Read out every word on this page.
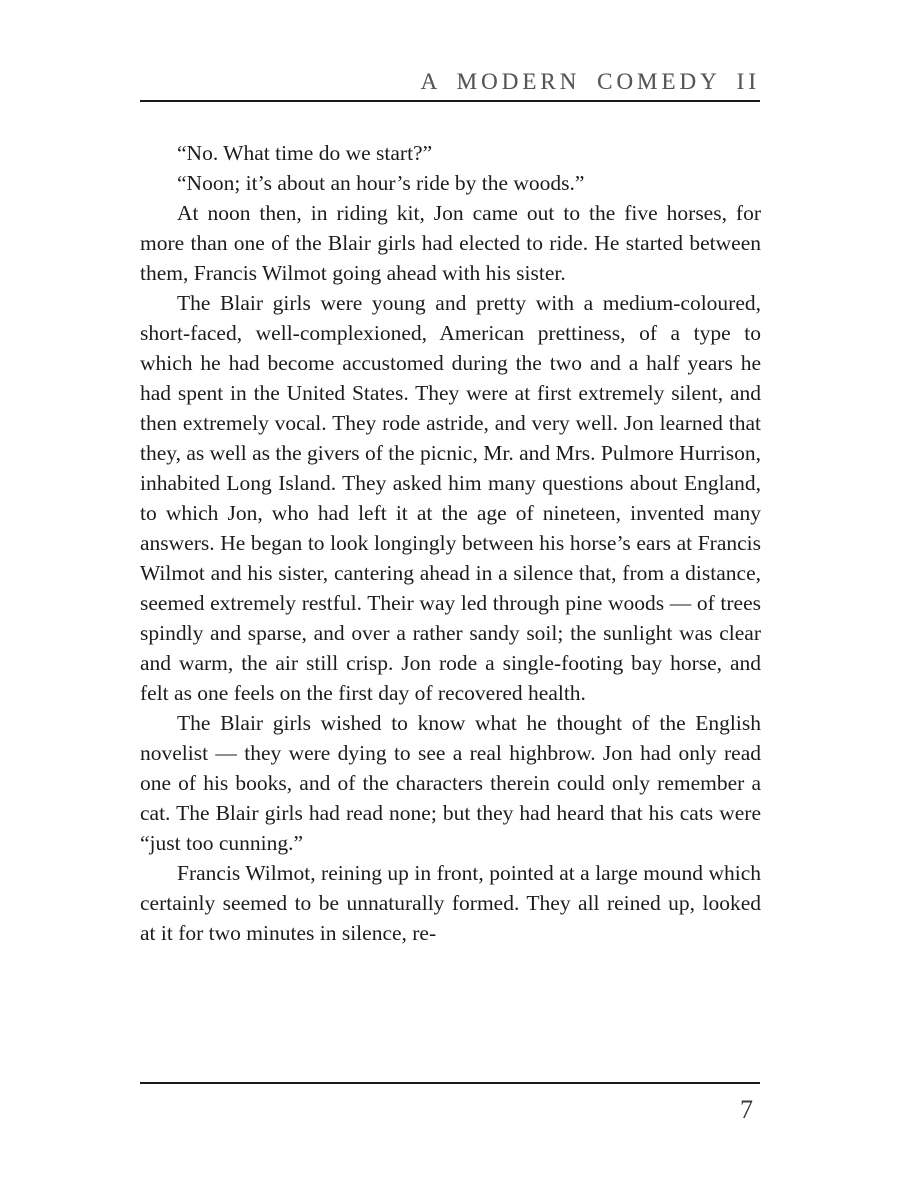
A MODERN COMEDY II

“No. What time do we start?”

“Noon; it’s about an hour’s ride by the woods.”

At noon then, in riding kit, Jon came out to the five horses, for more than one of the Blair girls had elected to ride. He started between them, Francis Wilmot going ahead with his sister.

The Blair girls were young and pretty with a medium-coloured, short-faced, well-complexioned, American prettiness, of a type to which he had become accustomed during the two and a half years he had spent in the United States. They were at first extremely silent, and then extremely vocal. They rode astride, and very well. Jon learned that they, as well as the givers of the picnic, Mr. and Mrs. Pulmore Hurrison, inhabited Long Island. They asked him many questions about England, to which Jon, who had left it at the age of nineteen, invented many answers. He began to look longingly between his horse’s ears at Francis Wilmot and his sister, cantering ahead in a silence that, from a distance, seemed extremely restful. Their way led through pine woods — of trees spindly and sparse, and over a rather sandy soil; the sunlight was clear and warm, the air still crisp. Jon rode a single-footing bay horse, and felt as one feels on the first day of recovered health.

The Blair girls wished to know what he thought of the English novelist — they were dying to see a real highbrow. Jon had only read one of his books, and of the characters therein could only remember a cat. The Blair girls had read none; but they had heard that his cats were “just too cunning.”

Francis Wilmot, reining up in front, pointed at a large mound which certainly seemed to be unnaturally formed. They all reined up, looked at it for two minutes in silence, re-

7
